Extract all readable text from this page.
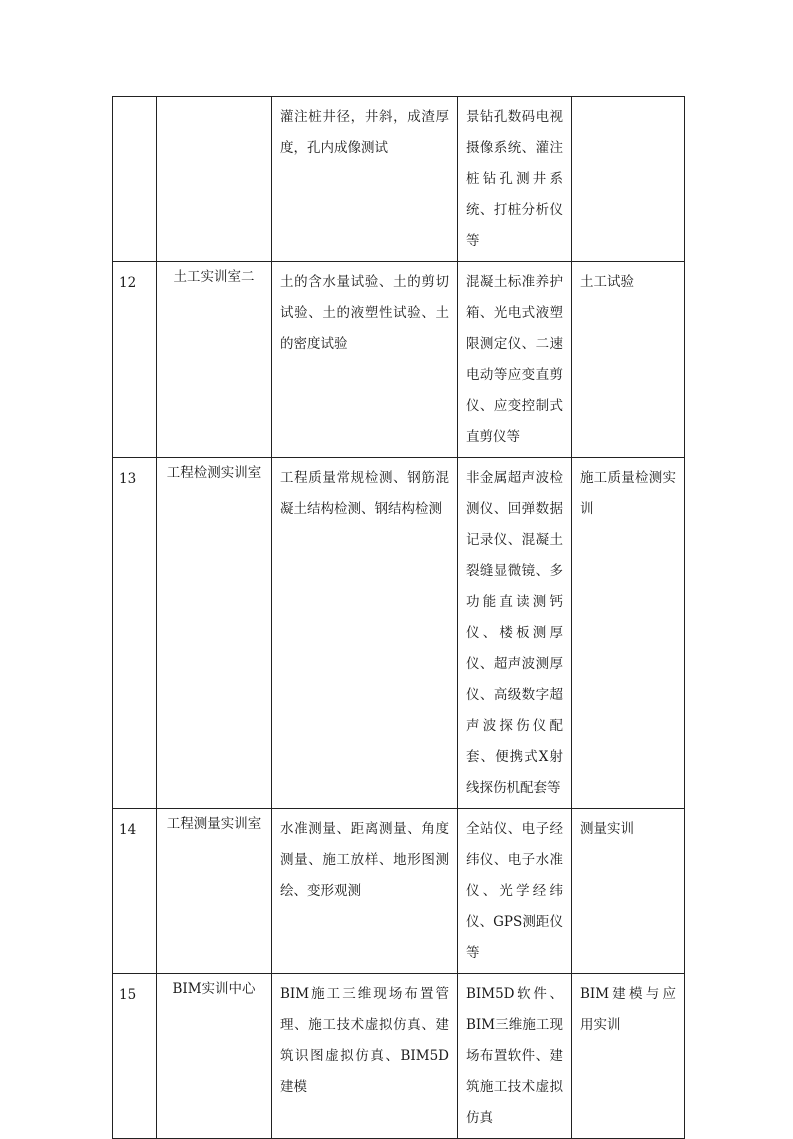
		灌注桩井径，井斜，成渣厚度，孔内成像测试	景钻孔数码电视摄像系统、灌注桩钻孔测井系统、打桩分析仪等	

12	土工实训室二	土的含水量试验、土的剪切试验、土的液塑性试验、土的密度试验	混凝土标准养护箱、光电式液塑限测定仪、二速电动等应变直剪仪、应变控制式直剪仪等	土工试验

13	工程检测实训室	工程质量常规检测、钢筋混凝土结构检测、钢结构检测	非金属超声波检测仪、回弹数据记录仪、混凝土裂缝显微镜、多功能直读测钙仪、楼板测厚仪、超声波测厚仪、高级数字超声波探伤仪配套、便携式X射线探伤机配套等	施工质量检测实训

14	工程测量实训室	水准测量、距离测量、角度测量、施工放样、地形图测绘、变形观测	全站仪、电子经纬仪、电子水准仪、光学经纬仪、GPS测距仪等	测量实训

15	BIM实训中心	BIM施工三维现场布置管理、施工技术虚拟仿真、建筑识图虚拟仿真、BIM5D建模	BIM5D软件、BIM三维施工现场布置软件、建筑施工技术虚拟仿真	BIM建模与应用实训
